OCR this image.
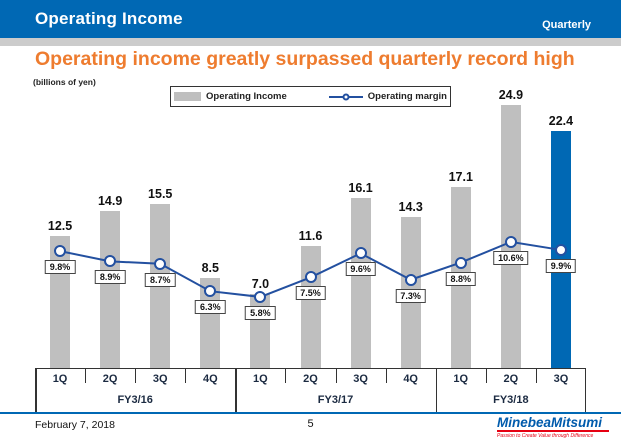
Operating Income	Quarterly
Operating income greatly surpassed quarterly record high
(billions of yen)
Operating Income	Operating margin
12.5
14.9	15.5
8.5
7.0
11.6
16.1
14.3
17.1
24.9
22.4
9.8%
8.9%	8.7%
6.3%
5.8%
7.5%
9.6%
7.3%
8.8%
10.6%
9.9%
1Q	2Q	3Q	4Q	1Q	2Q	3Q	4Q	1Q	2Q	3Q
FY3/16	FY3/17	FY3/18
February 7, 2018	5	MinebeaMitsumi
Passion to Create Value through Difference
